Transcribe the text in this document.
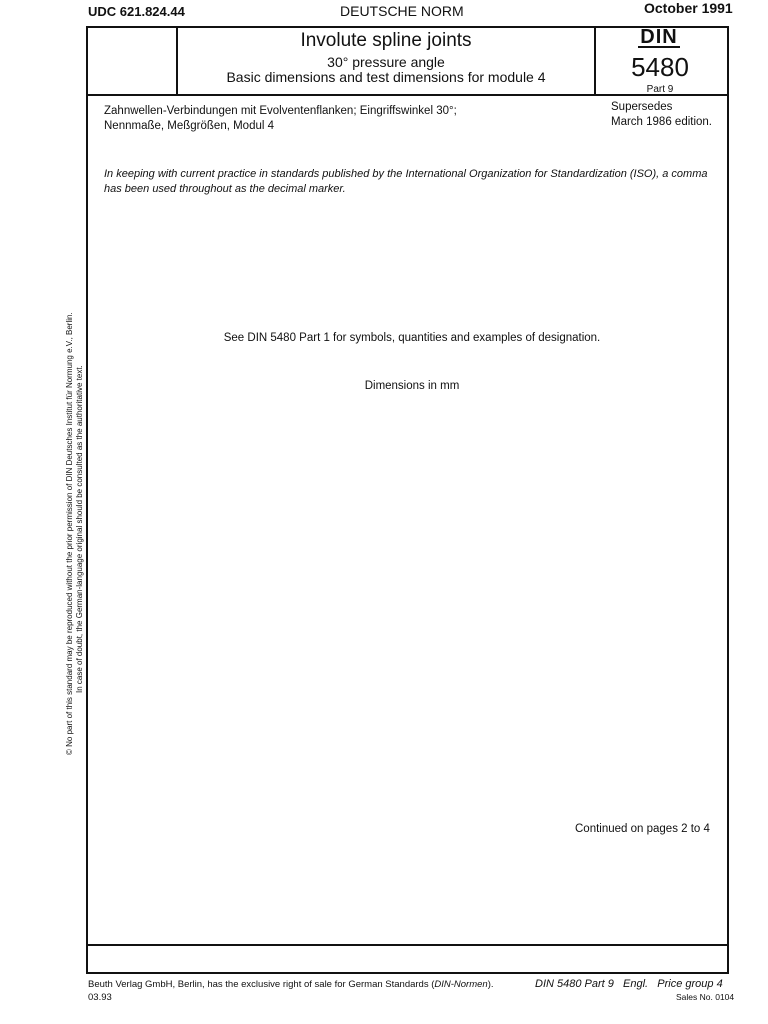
UDC 621.824.44	DEUTSCHE NORM	October 1991
Involute spline joints
30° pressure angle
Basic dimensions and test dimensions for module 4
DIN
5480
Part 9
Zahnwellen-Verbindungen mit Evolventenflanken; Eingriffswinkel 30°;
Nennmaße, Meßgrößen, Modul 4
Supersedes
March 1986 edition.
In keeping with current practice in standards published by the International Organization for Standardization (ISO), a comma
has been used throughout as the decimal marker.
See DIN 5480 Part 1 for symbols, quantities and examples of designation.
Dimensions in mm
Continued on pages 2 to 4
© No part of this standard may be reproduced without the prior permission of DIN Deutsches Institut für Normung e.V., Berlin. In case of doubt, the German-language original should be consulted as the authoritative text.
Beuth Verlag GmbH, Berlin, has the exclusive right of sale for German Standards (DIN-Normen).
03.93
DIN 5480 Part 9   Engl.   Price group 4
Sales No. 0104
